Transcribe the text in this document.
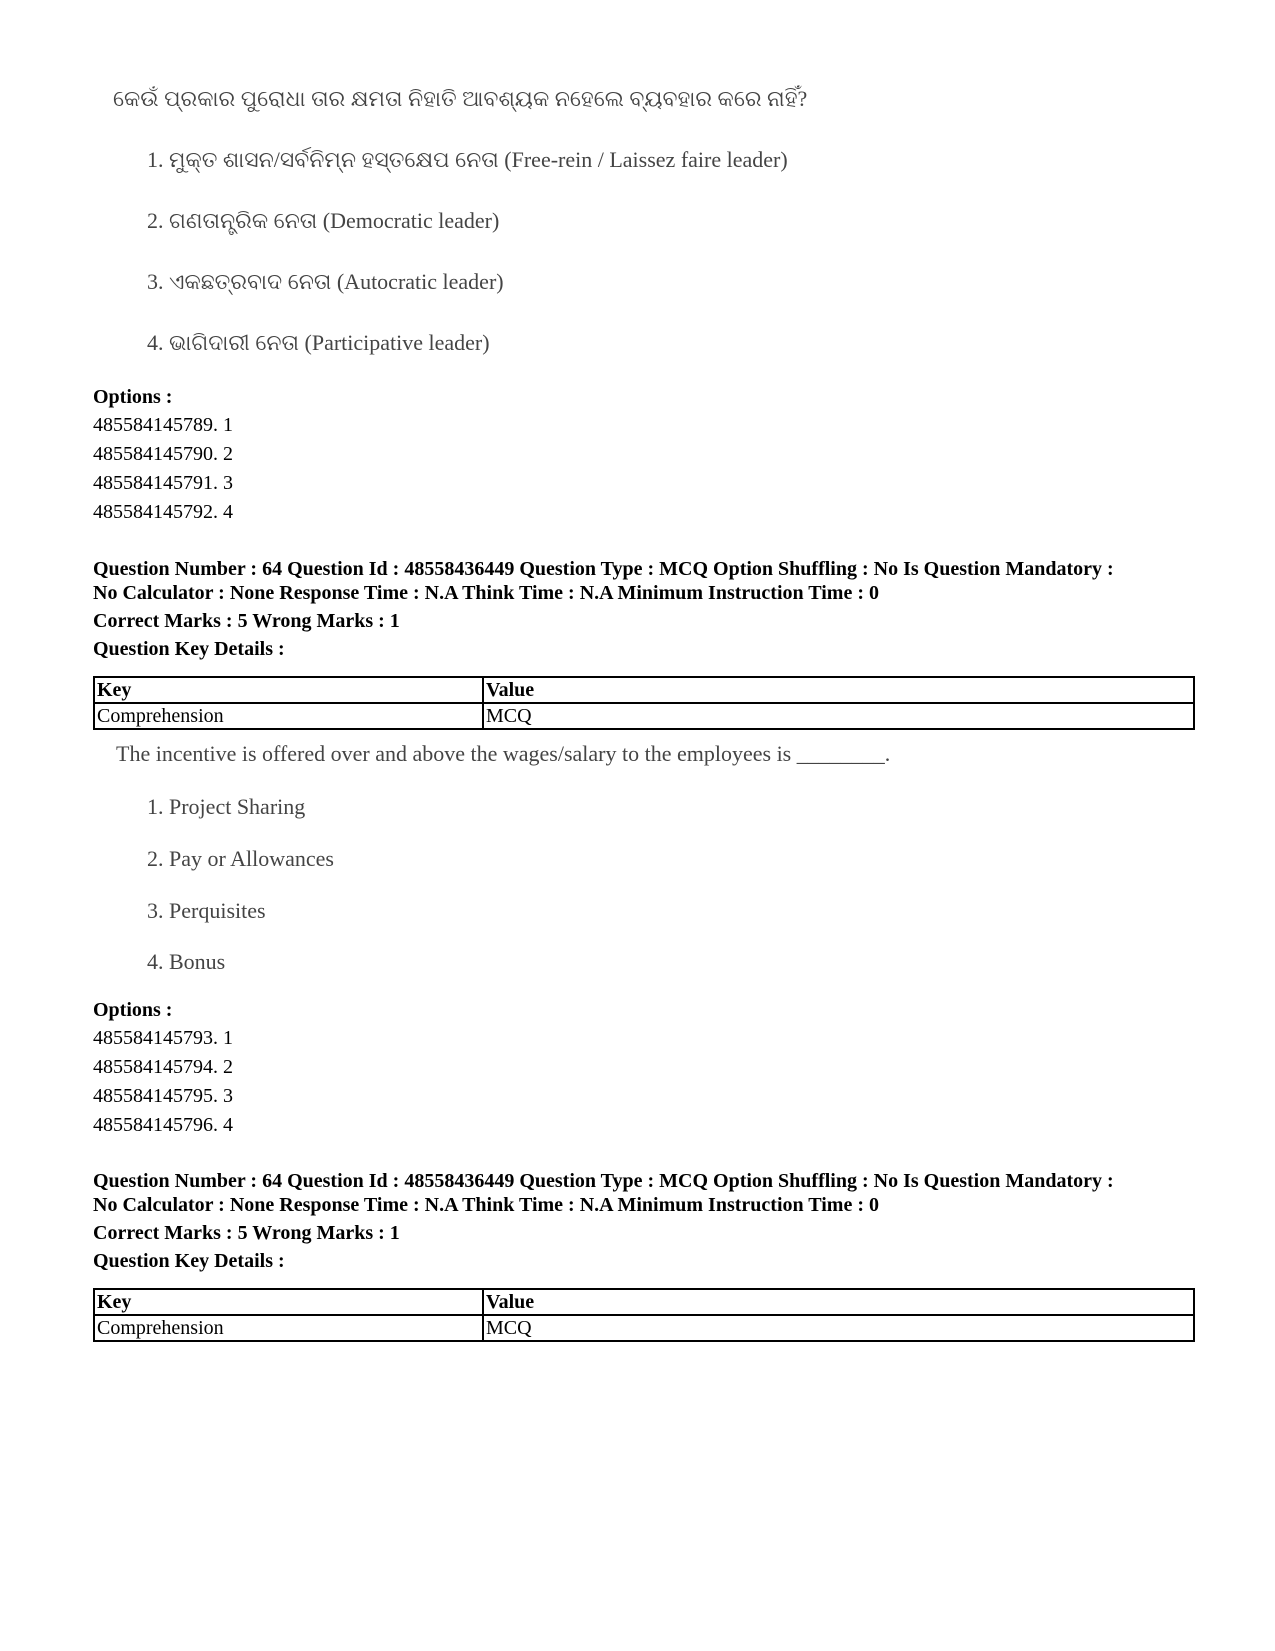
କେଉଁ ପ୍ରକାର ପୁରୋଧା ତାର କ୍ଷମତା ନିହାତି ଆବଶ୍ୟକ ନହେଲେ ବ୍ୟବହାର କରେ ନାହିଁ?
1. ମୁକ୍ତ ଶାସନ/ସର୍ବନିମ୍ନ ହସ୍ତକ୍ଷେପ ନେତା (Free-rein / Laissez faire leader)
2. ଗଣତାନ୍ତ୍ରିକ ନେତା (Democratic leader)
3. ଏକଛତ୍ରବାଦ ନେତା (Autocratic leader)
4. ଭାଗିଦାରୀ ନେତା (Participative leader)
Options :
485584145789. 1
485584145790. 2
485584145791. 3
485584145792. 4
Question Number : 64 Question Id : 48558436449 Question Type : MCQ Option Shuffling : No Is Question Mandatory :
No Calculator : None Response Time : N.A Think Time : N.A Minimum Instruction Time : 0
Correct Marks : 5 Wrong Marks : 1
Question Key Details :
Key	Value
Comprehension	MCQ
The incentive is offered over and above the wages/salary to the employees is ________.
1. Project Sharing
2. Pay or Allowances
3. Perquisites
4. Bonus
Options :
485584145793. 1
485584145794. 2
485584145795. 3
485584145796. 4
Question Number : 64 Question Id : 48558436449 Question Type : MCQ Option Shuffling : No Is Question Mandatory :
No Calculator : None Response Time : N.A Think Time : N.A Minimum Instruction Time : 0
Correct Marks : 5 Wrong Marks : 1
Question Key Details :
Key	Value
Comprehension	MCQ
